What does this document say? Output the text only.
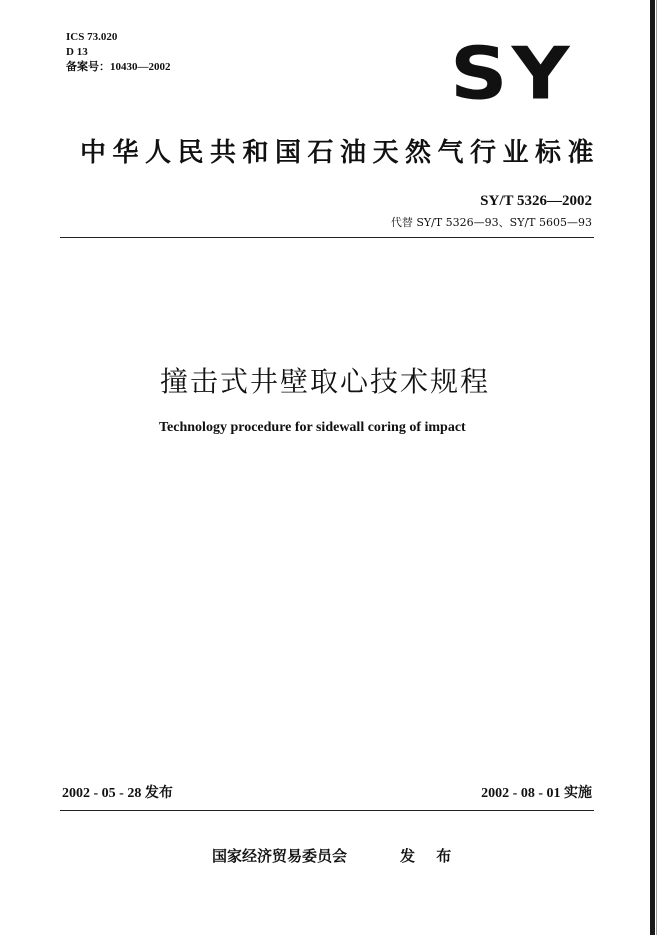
ICS 73.020
D 13
备案号：10430—2002	SY
中华人民共和国石油天然气行业标准
SY/T 5326—2002
代替 SY/T 5326—93、SY/T 5605—93
撞击式井壁取心技术规程
Technology procedure for sidewall coring of impact
2002 - 05 - 28 发布	2002 - 08 - 01 实施
国家经济贸易委员会	发 布
